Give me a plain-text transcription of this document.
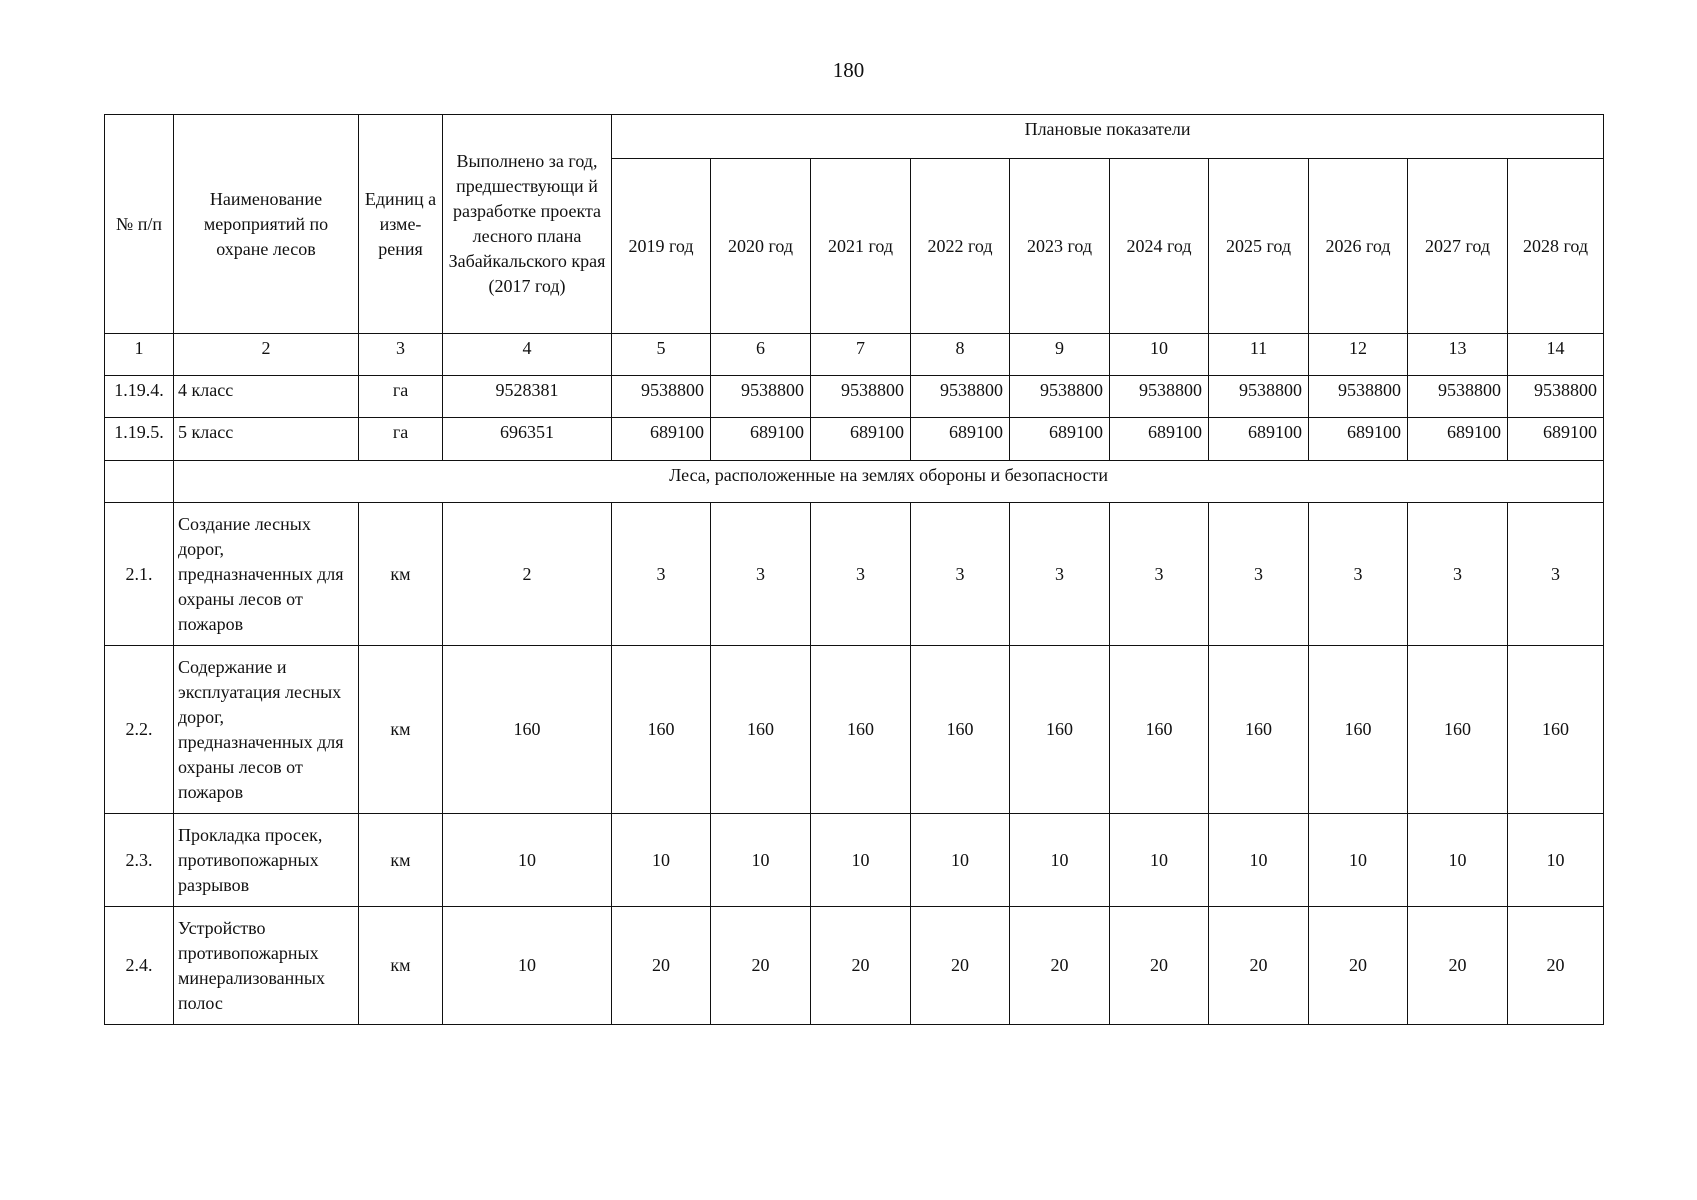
180
№ п/п	Наименование мероприятий по охране лесов	Единиц а изме-рения	Выполнено за год, предшествующи й разработке проекта лесного плана Забайкальского края (2017 год)	Плановые показатели									
				2019 год	2020 год	2021 год	2022 год	2023 год	2024 год	2025 год	2026 год	2027 год	2028 год
1	2	3	4	5	6	7	8	9	10	11	12	13	14
1.19.4.	4 класс	га	9528381	9538800	9538800	9538800	9538800	9538800	9538800	9538800	9538800	9538800	9538800
1.19.5.	5 класс	га	696351	689100	689100	689100	689100	689100	689100	689100	689100	689100	689100
	Леса, расположенные на землях обороны и безопасности												
2.1.	Создание лесных дорог, предназначенных для охраны лесов от пожаров	км	2	3	3	3	3	3	3	3	3	3	3
2.2.	Содержание и эксплуатация лесных дорог, предназначенных для охраны лесов от пожаров	км	160	160	160	160	160	160	160	160	160	160	160
2.3.	Прокладка просек, противопожарных разрывов	км	10	10	10	10	10	10	10	10	10	10	10
2.4.	Устройство противопожарных минерализованных полос	км	10	20	20	20	20	20	20	20	20	20	20
